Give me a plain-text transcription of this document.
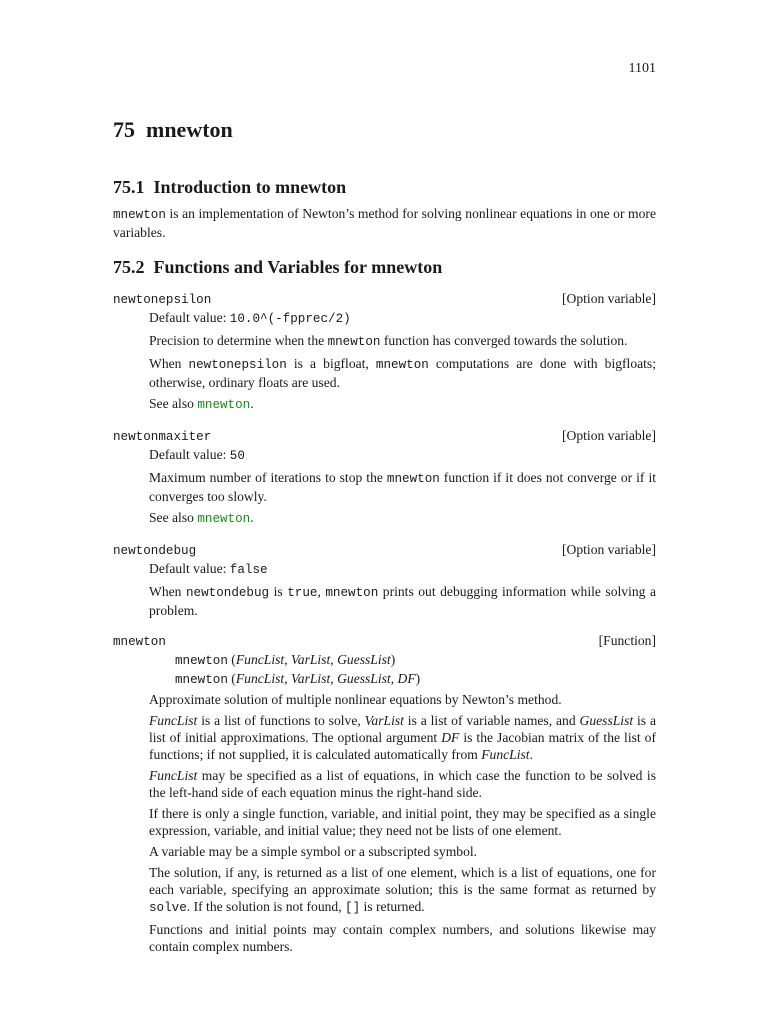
1101
75 mnewton
75.1 Introduction to mnewton

mnewton is an implementation of Newton’s method for solving nonlinear equations in one or more variables.

75.2 Functions and Variables for mnewton
newtonepsilon	[Option variable]

Default value: 10.0^(-fpprec/2)

Precision to determine when the mnewton function has converged towards the solution.

When newtonepsilon is a bigfloat, mnewton computations are done with bigfloats; otherwise, ordinary floats are used.

See also mnewton.

newtonmaxiter	[Option variable]

Default value: 50

Maximum number of iterations to stop the mnewton function if it does not converge or if it converges too slowly.

See also mnewton.

newtondebug	[Option variable]

Default value: false

When newtondebug is true, mnewton prints out debugging information while solving a problem.

mnewton	[Function]
mnewton (FuncList, VarList, GuessList)
mnewton (FuncList, VarList, GuessList, DF)

Approximate solution of multiple nonlinear equations by Newton’s method.

FuncList is a list of functions to solve, VarList is a list of variable names, and GuessList is a list of initial approximations. The optional argument DF is the Jacobian matrix of the list of functions; if not supplied, it is calculated automatically from FuncList.

FuncList may be specified as a list of equations, in which case the function to be solved is the left-hand side of each equation minus the right-hand side.

If there is only a single function, variable, and initial point, they may be specified as a single expression, variable, and initial value; they need not be lists of one element.

A variable may be a simple symbol or a subscripted symbol.

The solution, if any, is returned as a list of one element, which is a list of equations, one for each variable, specifying an approximate solution; this is the same format as returned by solve. If the solution is not found, [] is returned.

Functions and initial points may contain complex numbers, and solutions likewise may contain complex numbers.
